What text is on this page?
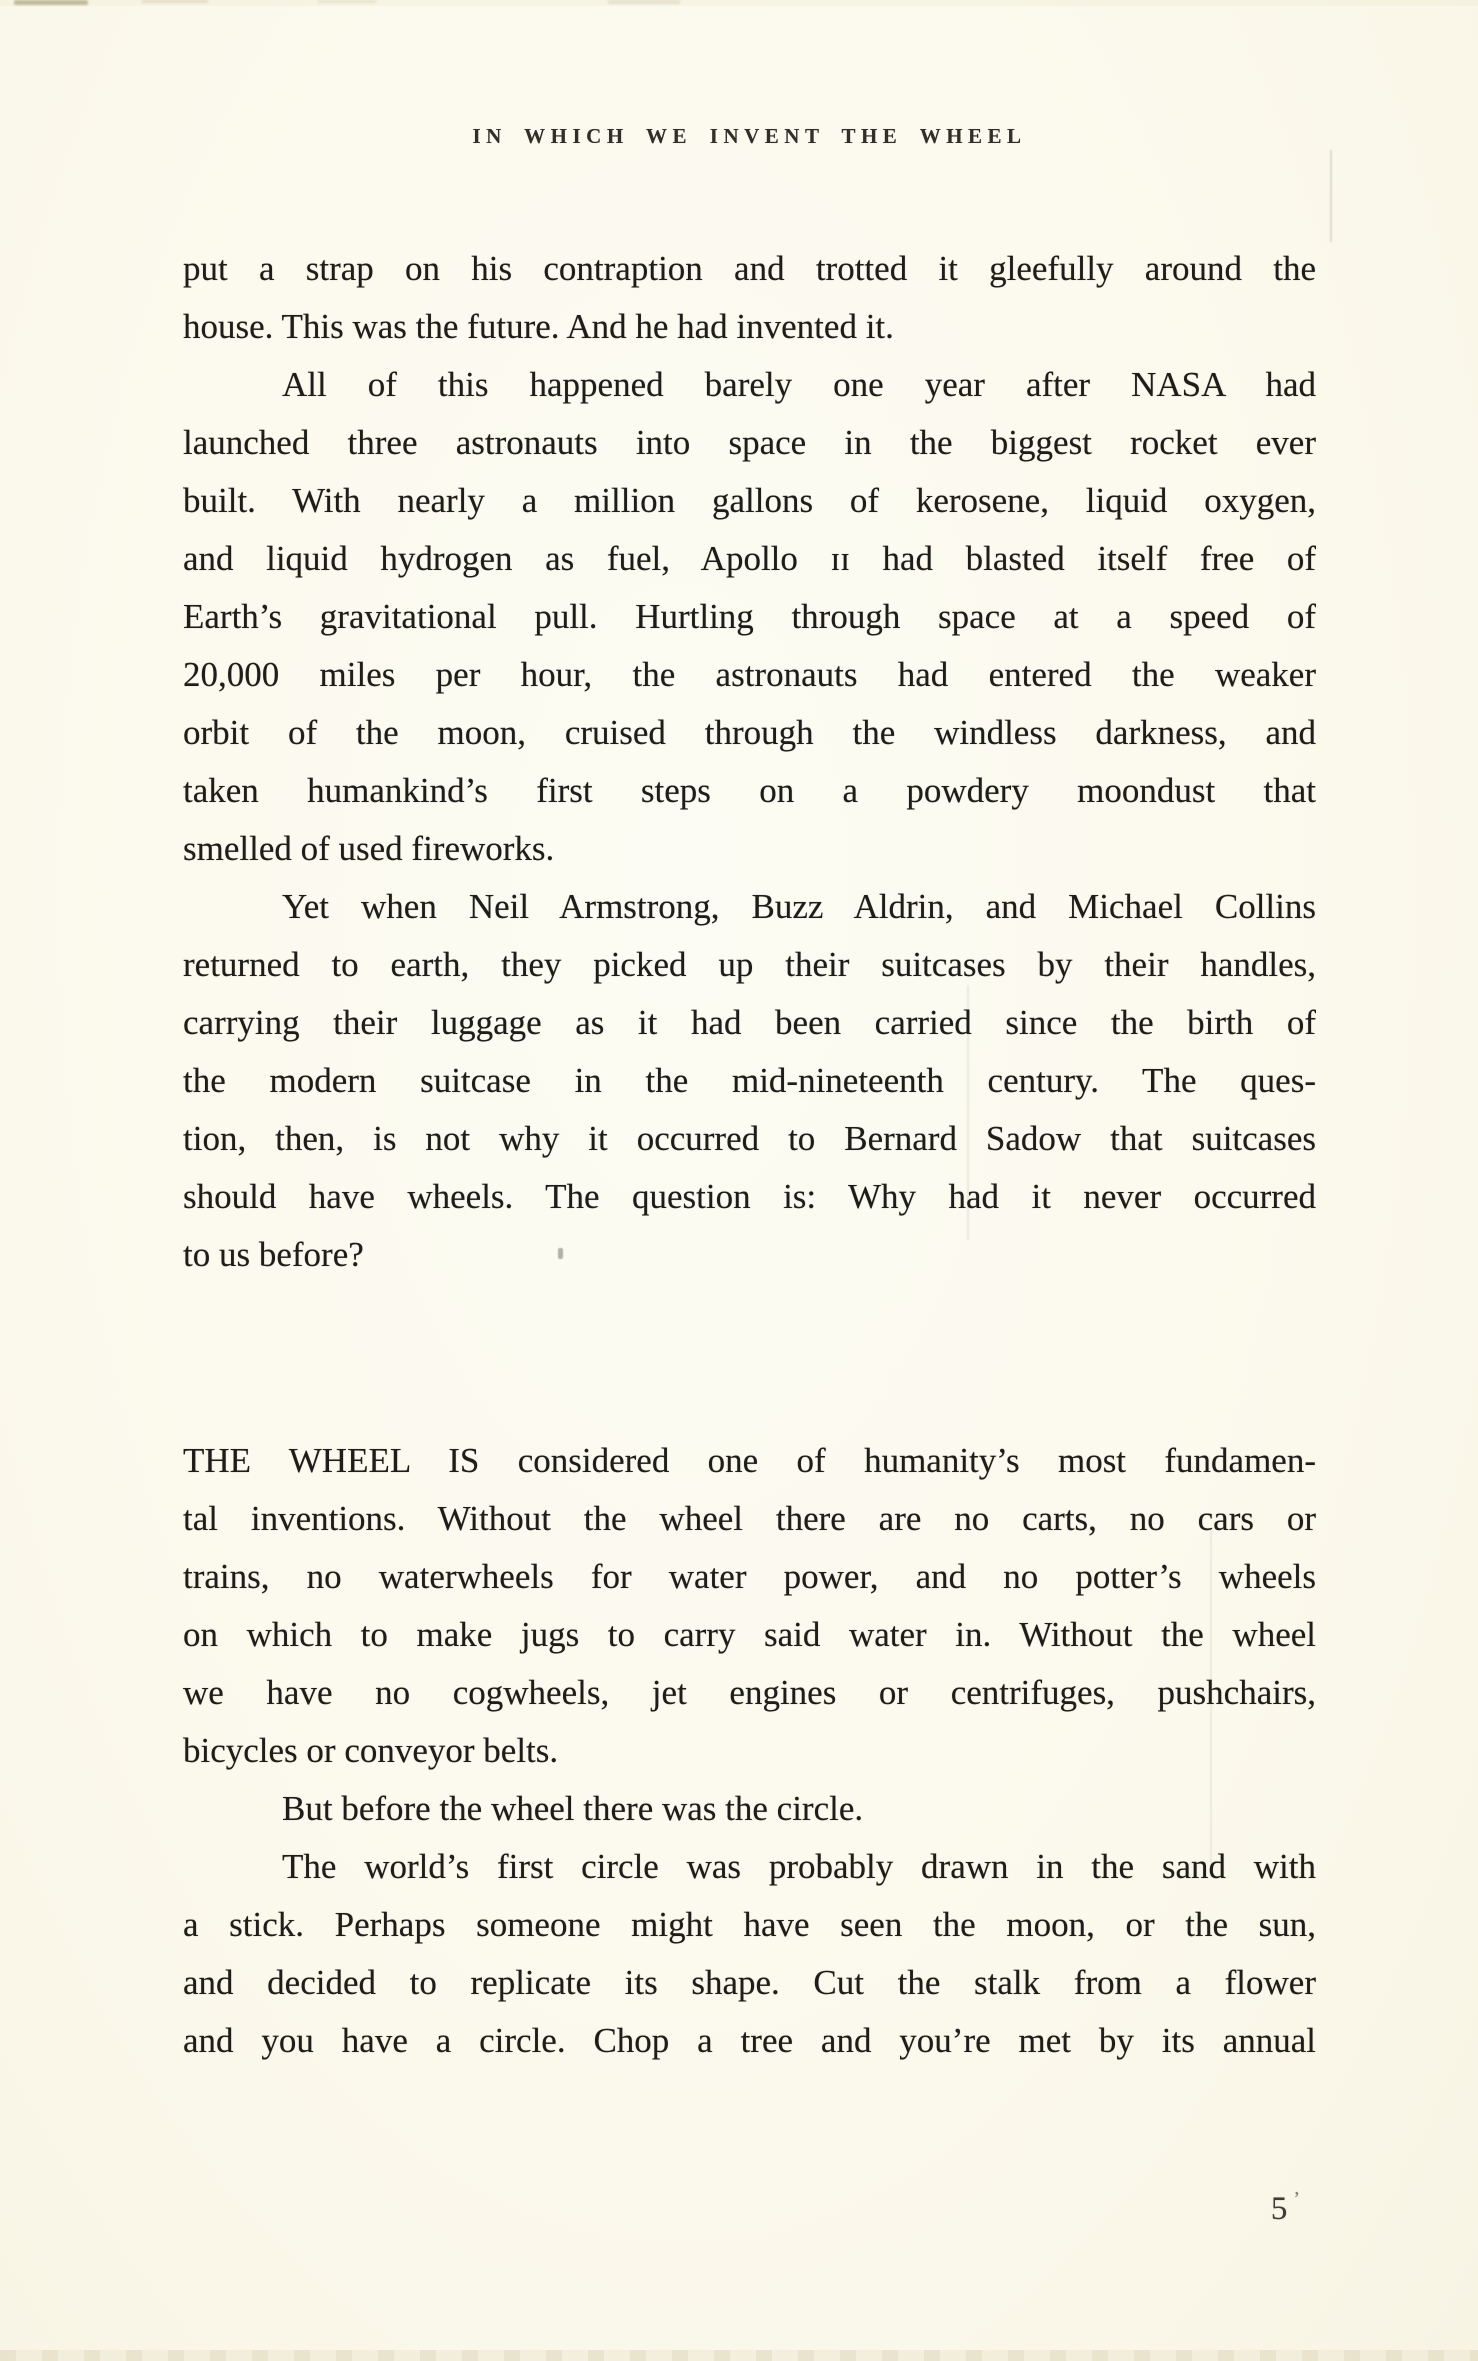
IN WHICH WE INVENT THE WHEEL
put a strap on his contraption and trotted it gleefully around the
house. This was the future. And he had invented it.
All of this happened barely one year after NASA had
launched three astronauts into space in the biggest rocket ever
built. With nearly a million gallons of kerosene, liquid oxygen,
and liquid hydrogen as fuel, Apollo ɪɪ had blasted itself free of
Earth’s gravitational pull. Hurtling through space at a speed of
20,000 miles per hour, the astronauts had entered the weaker
orbit of the moon, cruised through the windless darkness, and
taken humankind’s first steps on a powdery moondust that
smelled of used fireworks.
Yet when Neil Armstrong, Buzz Aldrin, and Michael Collins
returned to earth, they picked up their suitcases by their handles,
carrying their luggage as it had been carried since the birth of
the modern suitcase in the mid-nineteenth century. The ques-
tion, then, is not why it occurred to Bernard Sadow that suitcases
should have wheels. The question is: Why had it never occurred
to us before?
THE WHEEL IS considered one of humanity’s most fundamen-
tal inventions. Without the wheel there are no carts, no cars or
trains, no waterwheels for water power, and no potter’s wheels
on which to make jugs to carry said water in. Without the wheel
we have no cogwheels, jet engines or centrifuges, pushchairs,
bicycles or conveyor belts.
But before the wheel there was the circle.
The world’s first circle was probably drawn in the sand with
a stick. Perhaps someone might have seen the moon, or the sun,
and decided to replicate its shape. Cut the stalk from a flower
and you have a circle. Chop a tree and you’re met by its annual
5 ’
